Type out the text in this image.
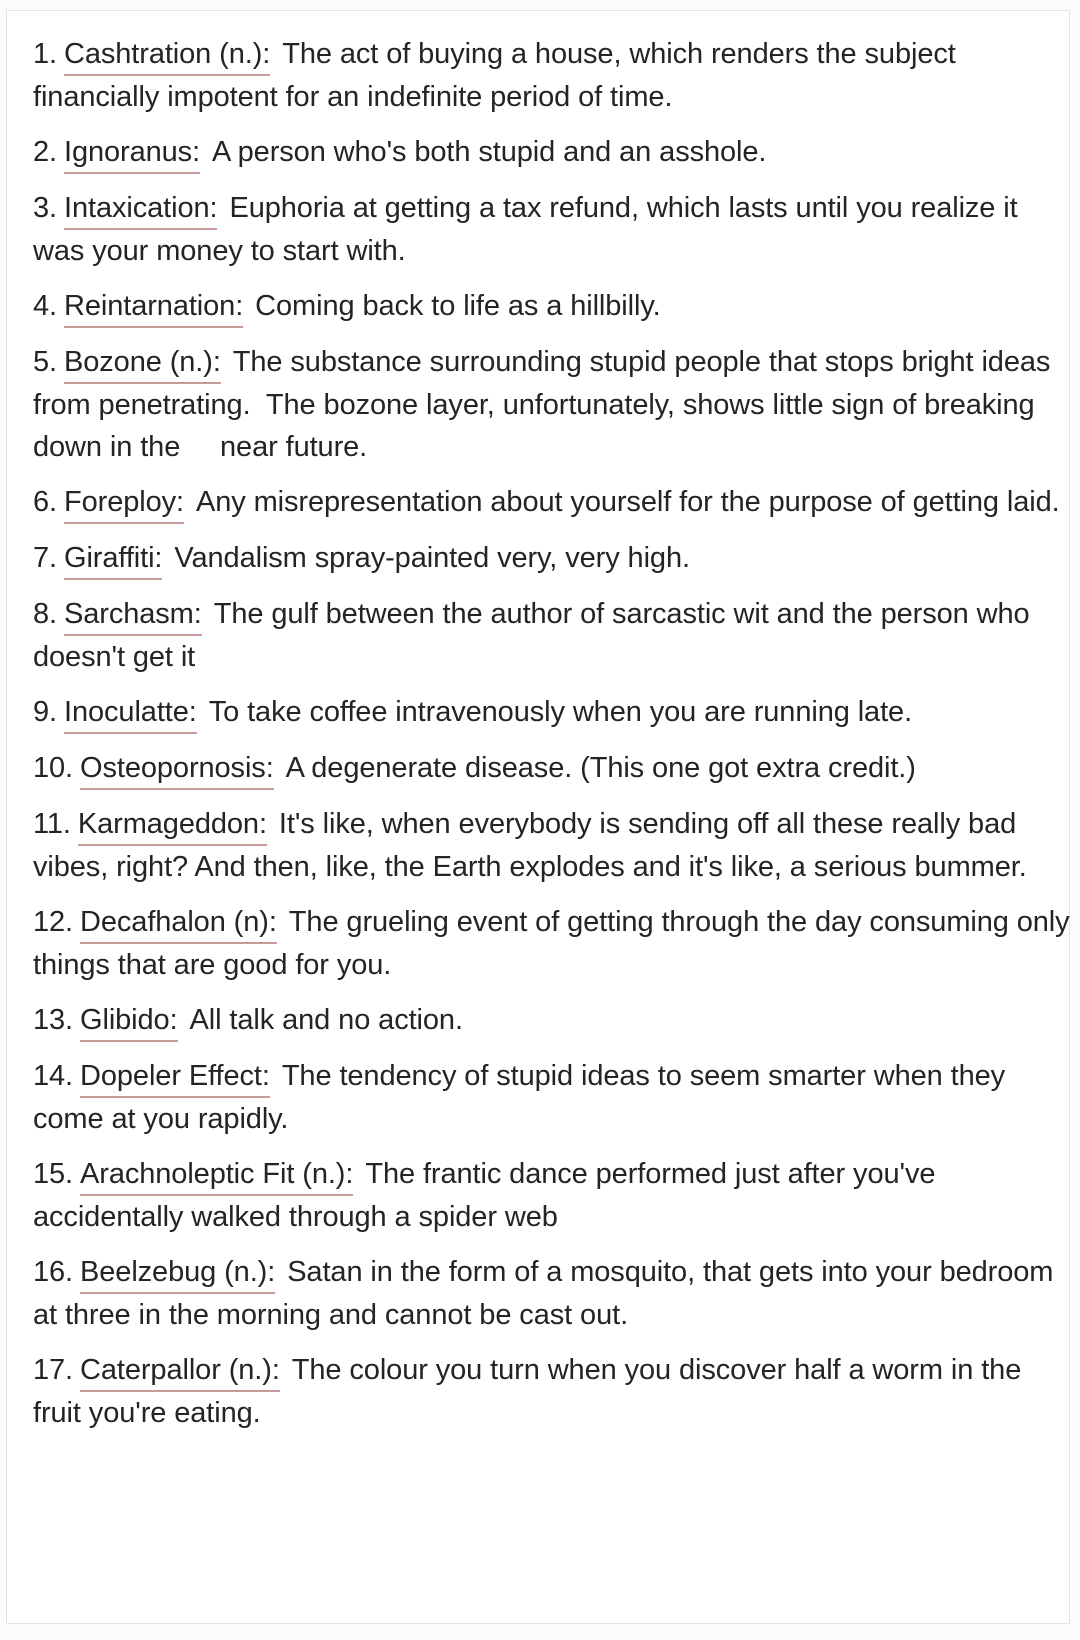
1. Cashtration (n.): The act of buying a house, which renders the subject financially impotent for an indefinite period of time.
2. Ignoranus: A person who's both stupid and an asshole.
3. Intaxication: Euphoria at getting a tax refund, which lasts until you realize it was your money to start with.
4. Reintarnation: Coming back to life as a hillbilly.
5. Bozone (n.): The substance surrounding stupid people that stops bright ideas from penetrating.  The bozone layer, unfortunately, shows little sign of breaking down in the     near future.
6. Foreploy: Any misrepresentation about yourself for the purpose of getting laid.
7. Giraffiti: Vandalism spray-painted very, very high.
8. Sarchasm: The gulf between the author of sarcastic wit and the person who doesn't get it
9. Inoculatte: To take coffee intravenously when you are running late.
10. Osteopornosis: A degenerate disease. (This one got extra credit.)
11. Karmageddon: It's like, when everybody is sending off all these really bad vibes, right? And then, like, the Earth explodes and it's like, a serious bummer.
12. Decafhalon (n): The grueling event of getting through the day consuming only things that are good for you.
13. Glibido: All talk and no action.
14. Dopeler Effect: The tendency of stupid ideas to seem smarter when they come at you rapidly.
15. Arachnoleptic Fit (n.): The frantic dance performed just after you've accidentally walked through a spider web
16. Beelzebug (n.): Satan in the form of a mosquito, that gets into your bedroom at three in the morning and cannot be cast out.
17. Caterpallor (n.): The colour you turn when you discover half a worm in the fruit you're eating.
